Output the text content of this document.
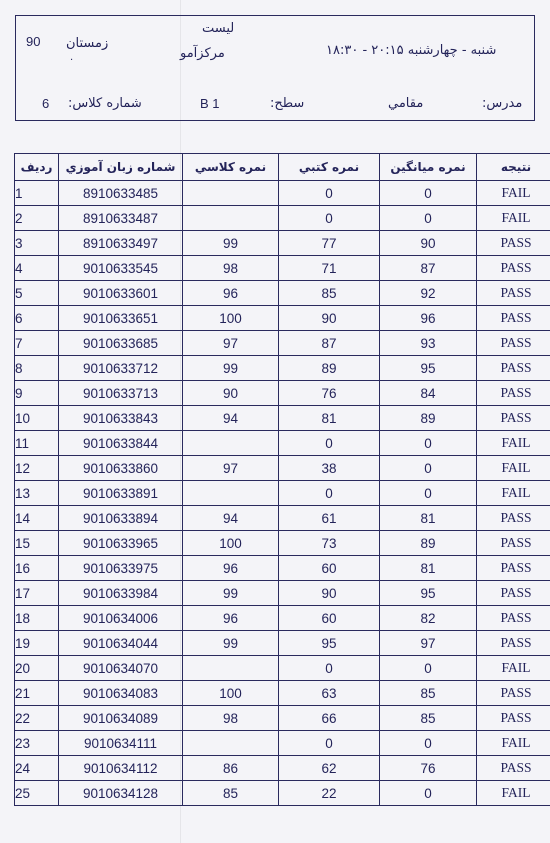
90 زمستان
.
لیست
مرکزآمو	شنبه - چهارشنبه ۲۰:۱۵ - ۱۸:۳۰
6 شماره کلاس:	B 1	سطح:	مقامي	مدرس:
رديف	شماره زبان آموزي	نمره کلاسي	نمره کتبي	نمره ميانگين	نتيجه
1	8910633485		0	0	FAIL
2	8910633487		0	0	FAIL
3	8910633497	99	77	90	PASS
4	9010633545	98	71	87	PASS
5	9010633601	96	85	92	PASS
6	9010633651	100	90	96	PASS
7	9010633685	97	87	93	PASS
8	9010633712	99	89	95	PASS
9	9010633713	90	76	84	PASS
10	9010633843	94	81	89	PASS
11	9010633844		0	0	FAIL
12	9010633860	97	38	0	FAIL
13	9010633891		0	0	FAIL
14	9010633894	94	61	81	PASS
15	9010633965	100	73	89	PASS
16	9010633975	96	60	81	PASS
17	9010633984	99	90	95	PASS
18	9010634006	96	60	82	PASS
19	9010634044	99	95	97	PASS
20	9010634070		0	0	FAIL
21	9010634083	100	63	85	PASS
22	9010634089	98	66	85	PASS
23	9010634111		0	0	FAIL
24	9010634112	86	62	76	PASS
25	9010634128	85	22	0	FAIL
